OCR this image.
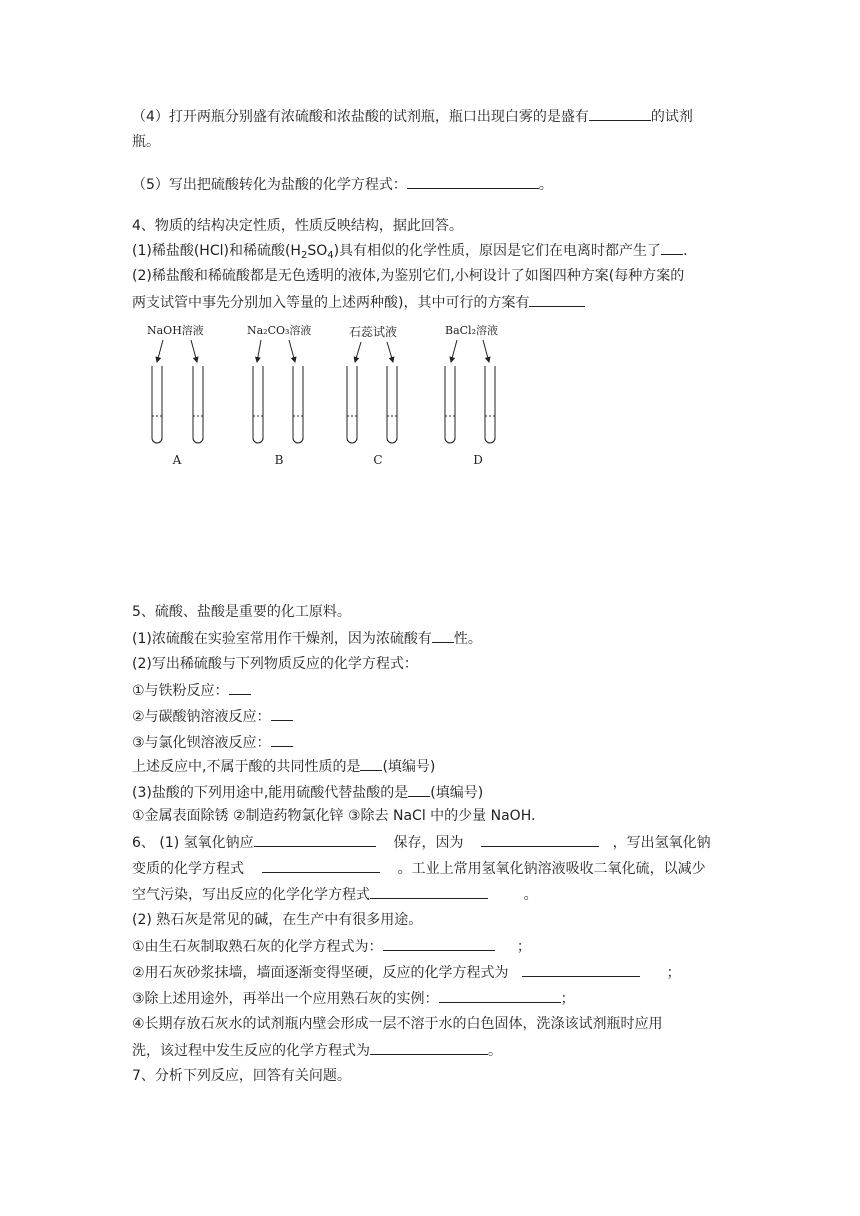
（4）打开两瓶分别盛有浓硫酸和浓盐酸的试剂瓶，瓶口出现白雾的是盛有	的试剂
瓶。
（5）写出把硫酸转化为盐酸的化学方程式：	。
4、物质的结构决定性质，性质反映结构，据此回答。
(1)稀盐酸(HCl)和稀硫酸$(H_2SO_4)$具有相似的化学性质，原因是它们在电离时都产生了 .
(2)稀盐酸和稀硫酸都是无色透明的液体,为鉴别它们,小柯设计了如图四种方案(每种方案的
两支试管中事先分别加入等量的上述两种酸)，其中可行的方案有
NaOH溶液
A
Na₂CO₃溶液
B
石蕊试液
C
BaCl₂溶液
D
5、硫酸、盐酸是重要的化工原料。
(1)浓硫酸在实验室常用作干燥剂，因为浓硫酸有 性。
(2)写出稀硫酸与下列物质反应的化学方程式：
①与铁粉反应：
②与碳酸钠溶液反应：
③与氯化钡溶液反应：
上述反应中,不属于酸的共同性质的是 (填编号)
(3)盐酸的下列用途中,能用硫酸代替盐酸的是 (填编号)
①金属表面除锈 ②制造药物氯化锌 ③除去 NaCl 中的少量 NaOH.
6、 (1) 氢氧化钠应	保存，因为	，写出氢氧化钠
变质的化学方程式	。工业上常用氢氧化钠溶液吸收二氧化硫，以减少
空气污染，写出反应的化学化学方程式	。
(2) 熟石灰是常见的碱，在生产中有很多用途。
①由生石灰制取熟石灰的化学方程式为：	；
②用石灰砂浆抹墙，墙面逐渐变得坚硬，反应的化学方程式为	；
③除上述用途外，再举出一个应用熟石灰的实例：	；
④长期存放石灰水的试剂瓶内壁会形成一层不溶于水的白色固体，洗涤该试剂瓶时应用
洗，该过程中发生反应的化学方程式为	。
7、分析下列反应，回答有关问题。
